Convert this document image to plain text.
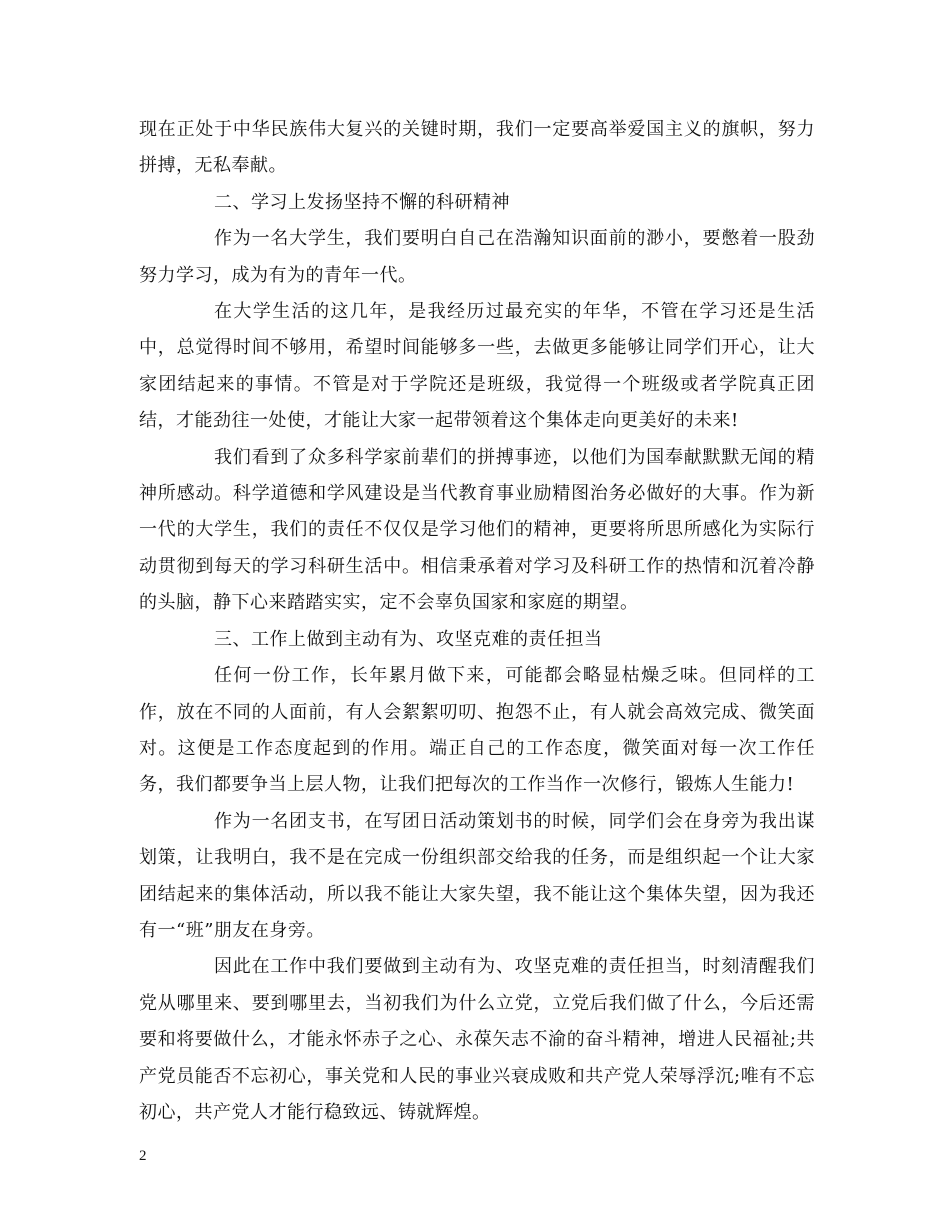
现在正处于中华民族伟大复兴的关键时期，我们一定要高举爱国主义的旗帜，努力拼搏，无私奉献。

二、学习上发扬坚持不懈的科研精神

作为一名大学生，我们要明白自己在浩瀚知识面前的渺小，要憋着一股劲努力学习，成为有为的青年一代。

在大学生活的这几年，是我经历过最充实的年华，不管在学习还是生活中，总觉得时间不够用，希望时间能够多一些，去做更多能够让同学们开心，让大家团结起来的事情。不管是对于学院还是班级，我觉得一个班级或者学院真正团结，才能劲往一处使，才能让大家一起带领着这个集体走向更美好的未来!

我们看到了众多科学家前辈们的拼搏事迹，以他们为国奉献默默无闻的精神所感动。科学道德和学风建设是当代教育事业励精图治务必做好的大事。作为新一代的大学生，我们的责任不仅仅是学习他们的精神，更要将所思所感化为实际行动贯彻到每天的学习科研生活中。相信秉承着对学习及科研工作的热情和沉着冷静的头脑，静下心来踏踏实实，定不会辜负国家和家庭的期望。

三、工作上做到主动有为、攻坚克难的责任担当

任何一份工作，长年累月做下来，可能都会略显枯燥乏味。但同样的工作，放在不同的人面前，有人会絮絮叨叨、抱怨不止，有人就会高效完成、微笑面对。这便是工作态度起到的作用。端正自己的工作态度，微笑面对每一次工作任务，我们都要争当上层人物，让我们把每次的工作当作一次修行，锻炼人生能力!

作为一名团支书，在写团日活动策划书的时候，同学们会在身旁为我出谋划策，让我明白，我不是在完成一份组织部交给我的任务，而是组织起一个让大家团结起来的集体活动，所以我不能让大家失望，我不能让这个集体失望，因为我还有一“班”朋友在身旁。

因此在工作中我们要做到主动有为、攻坚克难的责任担当，时刻清醒我们党从哪里来、要到哪里去，当初我们为什么立党，立党后我们做了什么，今后还需要和将要做什么，才能永怀赤子之心、永葆矢志不渝的奋斗精神，增进人民福祉;共产党员能否不忘初心，事关党和人民的事业兴衰成败和共产党人荣辱浮沉;唯有不忘初心，共产党人才能行稳致远、铸就辉煌。

2
